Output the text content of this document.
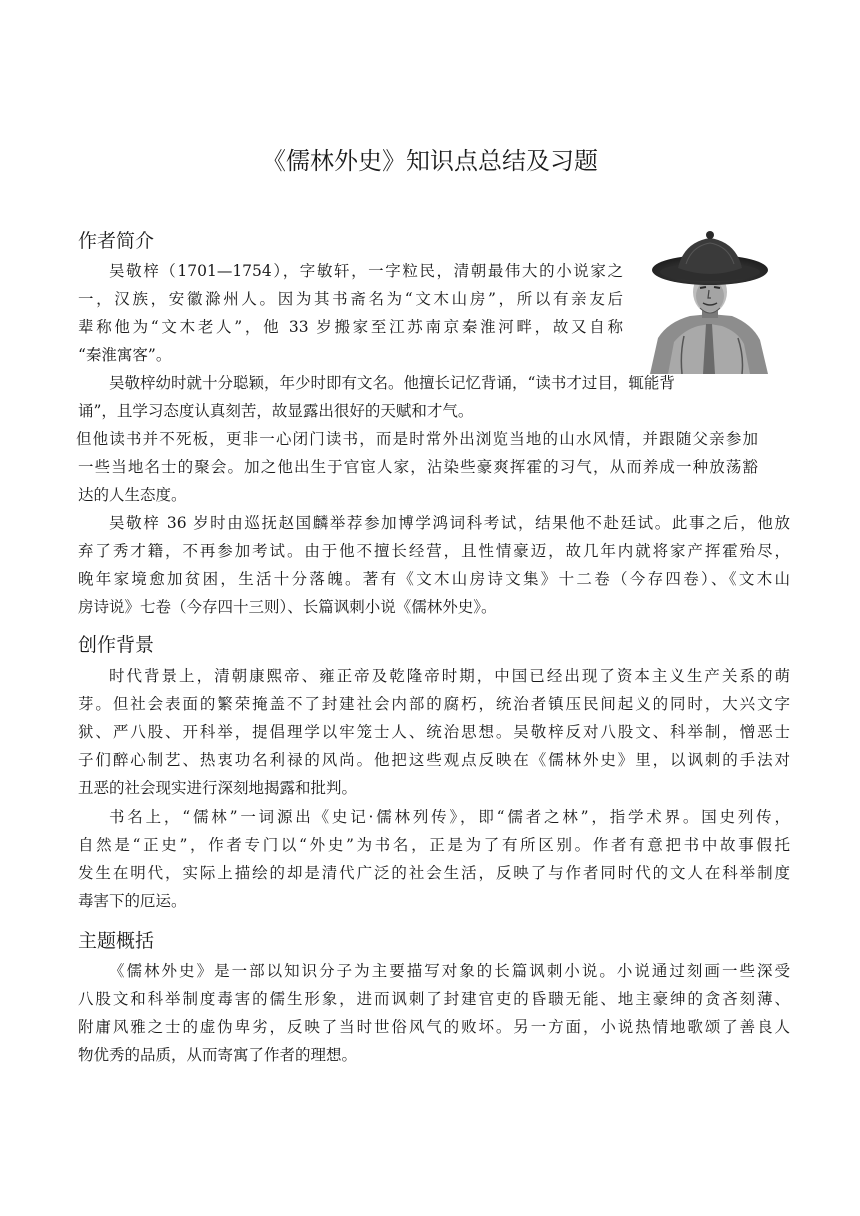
《儒林外史》知识点总结及习题
作者简介
吴敬梓（1701—1754），字敏轩，一字粒民，清朝最伟大的小说家之
一，汉族，安徽滁州人。因为其书斋名为“文木山房”，所以有亲友后
辈称他为“文木老人”，他 33 岁搬家至江苏南京秦淮河畔，故又自称
“秦淮寓客”。
吴敬梓幼时就十分聪颖，年少时即有文名。他擅长记忆背诵，“读书才过目，辄能背
诵”，且学习态度认真刻苦，故显露出很好的天赋和才气。
但他读书并不死板，更非一心闭门读书，而是时常外出浏览当地的山水风情，并跟随父亲参加
一些当地名士的聚会。加之他出生于官宦人家，沾染些豪爽挥霍的习气，从而养成一种放荡豁
达的人生态度。
吴敬梓 36 岁时由巡抚赵国麟举荐参加博学鸿词科考试，结果他不赴廷试。此事之后，他放
弃了秀才籍，不再参加考试。由于他不擅长经营，且性情豪迈，故几年内就将家产挥霍殆尽，
晚年家境愈加贫困，生活十分落魄。著有《文木山房诗文集》十二卷（今存四卷）、《文木山
房诗说》七卷（今存四十三则）、长篇讽刺小说《儒林外史》。
创作背景
时代背景上，清朝康熙帝、雍正帝及乾隆帝时期，中国已经出现了资本主义生产关系的萌
芽。但社会表面的繁荣掩盖不了封建社会内部的腐朽，统治者镇压民间起义的同时，大兴文字
狱、严八股、开科举，提倡理学以牢笼士人、统治思想。吴敬梓反对八股文、科举制，憎恶士
子们醉心制艺、热衷功名利禄的风尚。他把这些观点反映在《儒林外史》里，以讽刺的手法对
丑恶的社会现实进行深刻地揭露和批判。
书名上，“儒林”一词源出《史记·儒林列传》，即“儒者之林”，指学术界。国史列传，
自然是“正史”，作者专门以“外史”为书名，正是为了有所区别。作者有意把书中故事假托
发生在明代，实际上描绘的却是清代广泛的社会生活，反映了与作者同时代的文人在科举制度
毒害下的厄运。
主题概括
《儒林外史》是一部以知识分子为主要描写对象的长篇讽刺小说。小说通过刻画一些深受
八股文和科举制度毒害的儒生形象，进而讽刺了封建官吏的昏聩无能、地主豪绅的贪吝刻薄、
附庸风雅之士的虚伪卑劣，反映了当时世俗风气的败坏。另一方面，小说热情地歌颂了善良人
物优秀的品质，从而寄寓了作者的理想。
